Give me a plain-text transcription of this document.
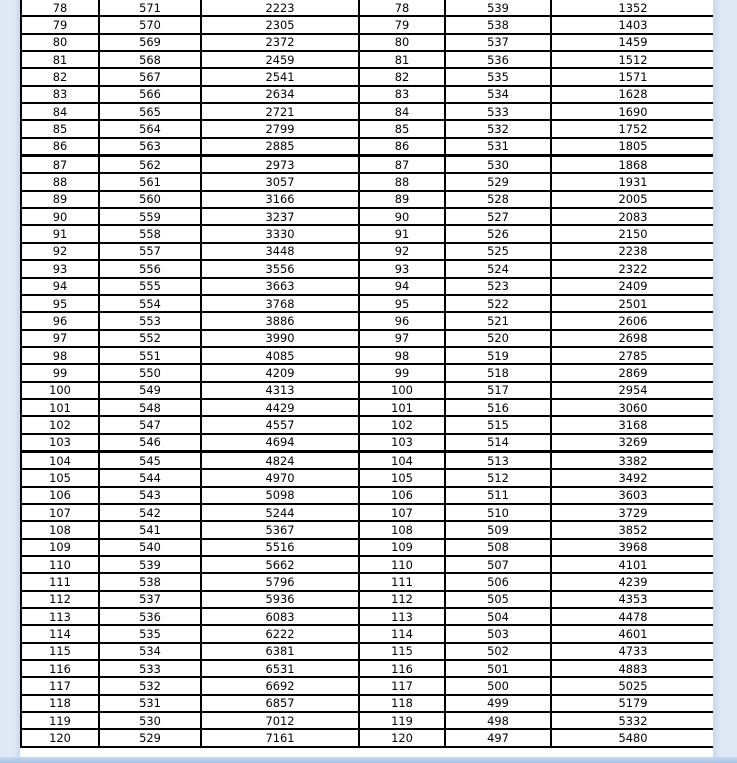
78	571	2223	78	539	1352
79	570	2305	79	538	1403
80	569	2372	80	537	1459
81	568	2459	81	536	1512
82	567	2541	82	535	1571
83	566	2634	83	534	1628
84	565	2721	84	533	1690
85	564	2799	85	532	1752
86	563	2885	86	531	1805
87	562	2973	87	530	1868
88	561	3057	88	529	1931
89	560	3166	89	528	2005
90	559	3237	90	527	2083
91	558	3330	91	526	2150
92	557	3448	92	525	2238
93	556	3556	93	524	2322
94	555	3663	94	523	2409
95	554	3768	95	522	2501
96	553	3886	96	521	2606
97	552	3990	97	520	2698
98	551	4085	98	519	2785
99	550	4209	99	518	2869
100	549	4313	100	517	2954
101	548	4429	101	516	3060
102	547	4557	102	515	3168
103	546	4694	103	514	3269
104	545	4824	104	513	3382
105	544	4970	105	512	3492
106	543	5098	106	511	3603
107	542	5244	107	510	3729
108	541	5367	108	509	3852
109	540	5516	109	508	3968
110	539	5662	110	507	4101
111	538	5796	111	506	4239
112	537	5936	112	505	4353
113	536	6083	113	504	4478
114	535	6222	114	503	4601
115	534	6381	115	502	4733
116	533	6531	116	501	4883
117	532	6692	117	500	5025
118	531	6857	118	499	5179
119	530	7012	119	498	5332
120	529	7161	120	497	5480
